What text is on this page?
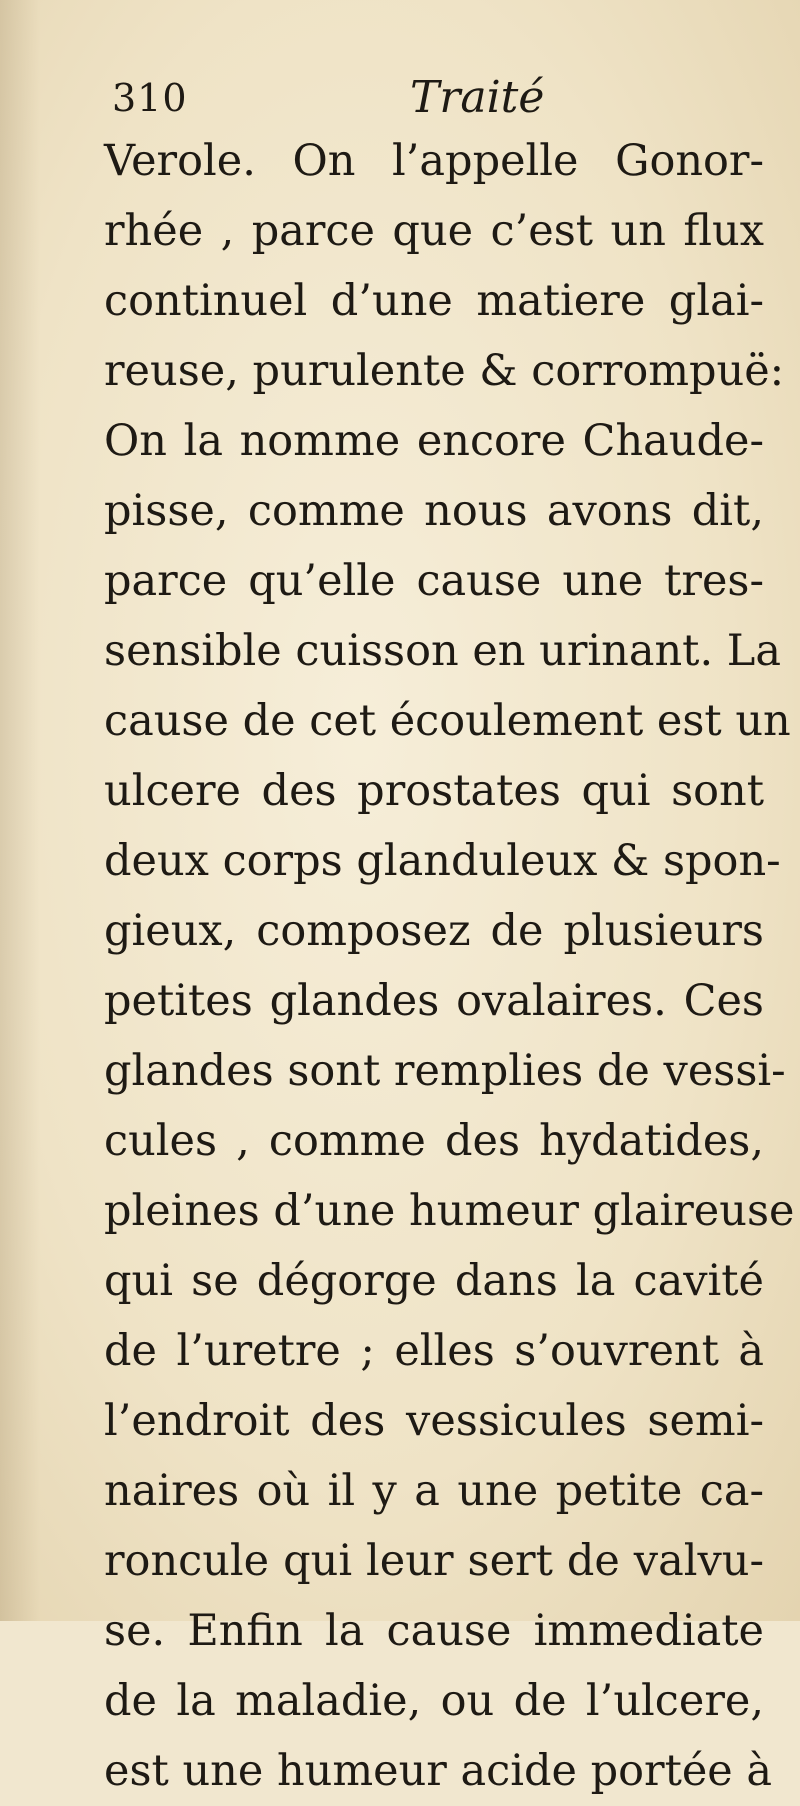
310	Traité
Verole. On l’appelle Gonor-
rhée , parce que c’est un flux
continuel d’une matiere glai-
reuse, purulente & corrompuë:
On la nomme encore Chaude-
pisse, comme nous avons dit,
parce qu’elle cause une tres-
sensible cuisson en urinant. La
cause de cet écoulement est un
ulcere des prostates qui sont
deux corps glanduleux & spon-
gieux, composez de plusieurs
petites glandes ovalaires. Ces
glandes sont remplies de vessi-
cules , comme des hydatides,
pleines d’une humeur glaireuse
qui se dégorge dans la cavité
de l’uretre ; elles s’ouvrent à
l’endroit des vessicules semi-
naires où il y a une petite ca-
roncule qui leur sert de valvu-
se. Enfin la cause immediate
de la maladie, ou de l’ulcere,
est une humeur acide portée à
